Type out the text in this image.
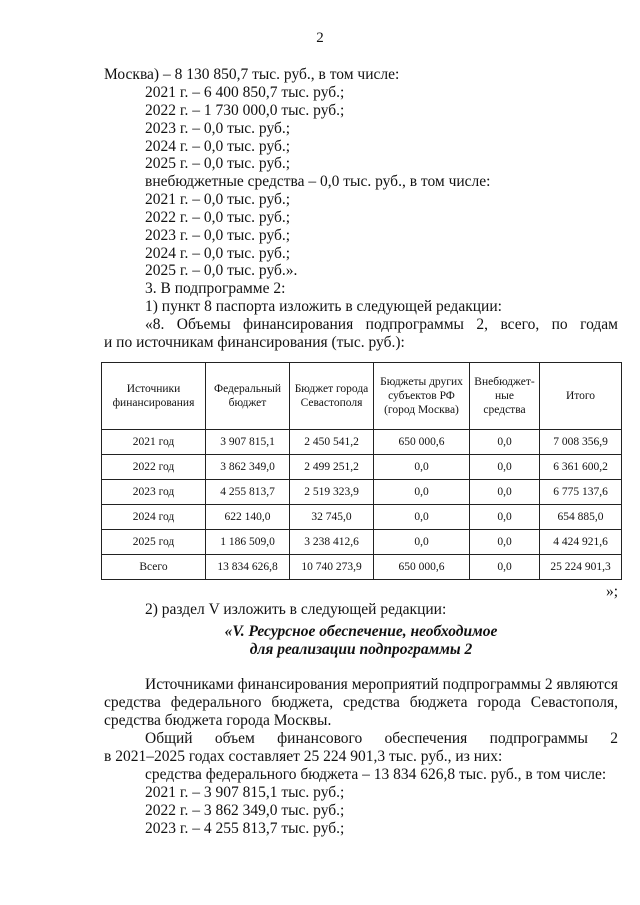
2
Москва) – 8 130 850,7 тыс. руб., в том числе:
2021 г. – 6 400 850,7 тыс. руб.;
2022 г. – 1 730 000,0 тыс. руб.;
2023 г. – 0,0 тыс. руб.;
2024 г. – 0,0 тыс. руб.;
2025 г. – 0,0 тыс. руб.;
внебюджетные средства – 0,0 тыс. руб., в том числе:
2021 г. – 0,0 тыс. руб.;
2022 г. – 0,0 тыс. руб.;
2023 г. – 0,0 тыс. руб.;
2024 г. – 0,0 тыс. руб.;
2025 г. – 0,0 тыс. руб.».
3. В подпрограмме 2:
1) пункт 8 паспорта изложить в следующей редакции:
«8. Объемы финансирования подпрограммы 2, всего, по годам
и по источникам финансирования (тыс. руб.):
Источники финансирования	Федеральный бюджет	Бюджет города Севастополя	Бюджеты других субъектов РФ (город Москва)	Внебюджет-ные средства	Итого
2021 год	3 907 815,1	2 450 541,2	650 000,6	0,0	7 008 356,9
2022 год	3 862 349,0	2 499 251,2	0,0	0,0	6 361 600,2
2023 год	4 255 813,7	2 519 323,9	0,0	0,0	6 775 137,6
2024 год	622 140,0	32 745,0	0,0	0,0	654 885,0
2025 год	1 186 509,0	3 238 412,6	0,0	0,0	4 424 921,6
Всего	13 834 626,8	10 740 273,9	650 000,6	0,0	25 224 901,3
»;
2) раздел V изложить в следующей редакции:
«V. Ресурсное обеспечение, необходимое
для реализации подпрограммы 2
Источниками финансирования мероприятий подпрограммы 2 являются средства федерального бюджета, средства бюджета города Севастополя, средства бюджета города Москвы.
Общий объем финансового обеспечения подпрограммы 2
в 2021–2025 годах составляет 25 224 901,3 тыс. руб., из них:
средства федерального бюджета – 13 834 626,8 тыс. руб., в том числе:
2021 г. – 3 907 815,1 тыс. руб.;
2022 г. – 3 862 349,0 тыс. руб.;
2023 г. – 4 255 813,7 тыс. руб.;
